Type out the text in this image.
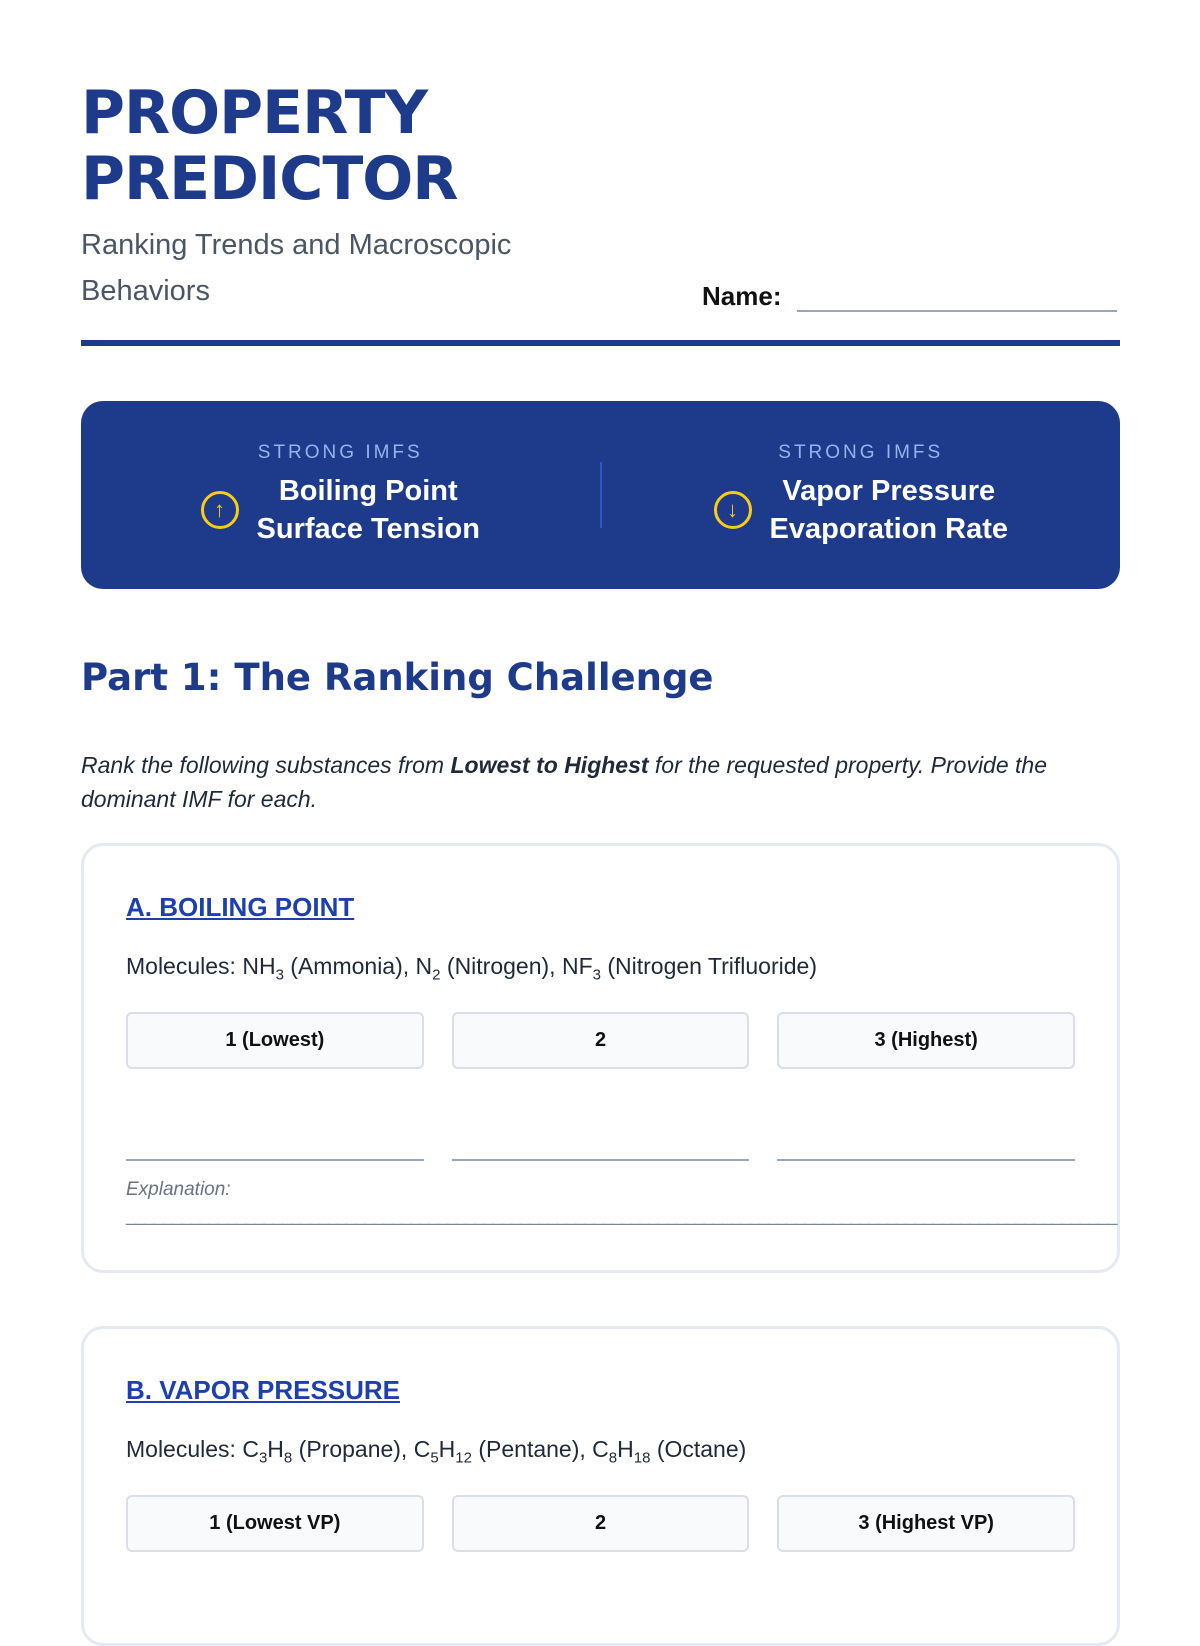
PROPERTY
PREDICTOR
Ranking Trends and Macroscopic Behaviors	Name:
STRONG IMFS
↑
Boiling Point
Surface Tension
STRONG IMFS
↓
Vapor Pressure
Evaporation Rate
Part 1: The Ranking Challenge
Rank the following substances from Lowest to Highest for the requested property. Provide the dominant IMF for each.
A. BOILING POINT
Molecules: $NH_3$ (Ammonia), $N_2$ (Nitrogen), $NF_3$ (Nitrogen Trifluoride)
1 (Lowest)	2	3 (Highest)
Explanation:
____________________________________________________________________________________________________________
B. VAPOR PRESSURE
Molecules: $C_3H_8$ (Propane), $C_5H_{12}$ (Pentane), $C_8H_{18}$ (Octane)
1 (Lowest VP)	2	3 (Highest VP)
